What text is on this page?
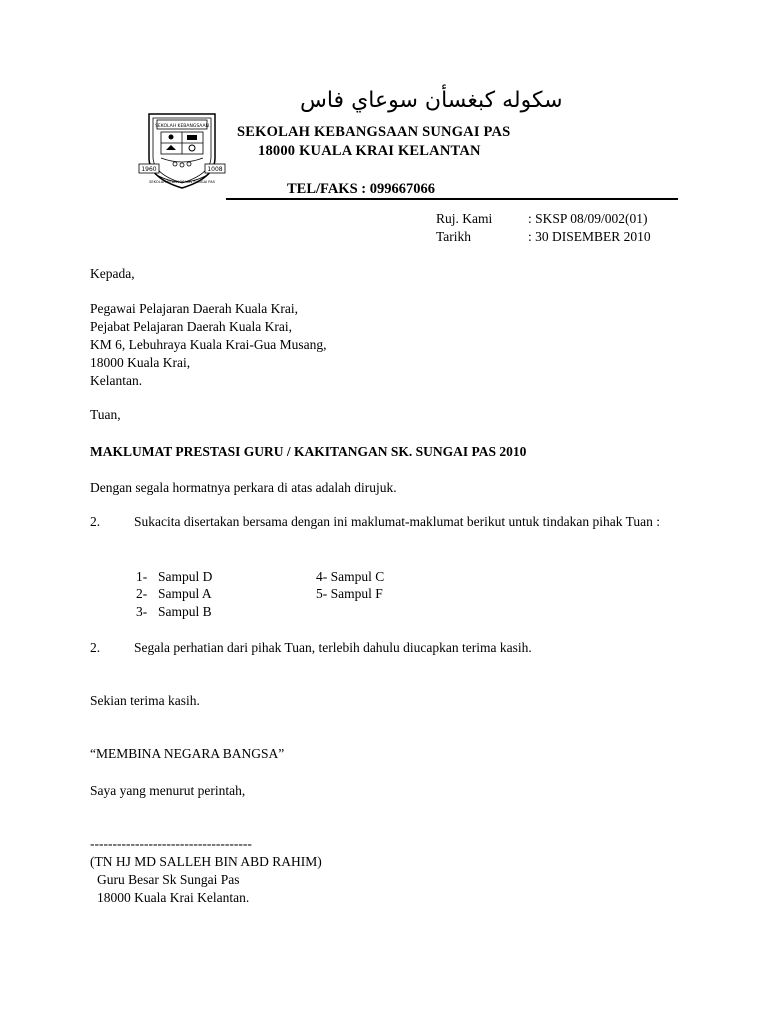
SEKOLAH KEBANGSAAN
1960	1008
SEKOLAH KEBANGSAAN SUNGAI PAS
سكوله كبغسأن سوعاي فاس
SEKOLAH KEBANGSAAN SUNGAI PAS
18000 KUALA KRAI KELANTAN
TEL/FAKS : 099667066
Ruj. Kami	: SKSP 08/09/002(01)
Tarikh	: 30 DISEMBER 2010
Kepada,
Pegawai Pelajaran Daerah Kuala Krai,
Pejabat Pelajaran Daerah Kuala Krai,
KM 6, Lebuhraya Kuala Krai-Gua Musang,
18000 Kuala Krai,
Kelantan.
Tuan,
MAKLUMAT PRESTASI GURU / KAKITANGAN SK. SUNGAI PAS 2010
Dengan segala hormatnya perkara di atas adalah dirujuk.
2.	Sukacita disertakan bersama dengan ini maklumat-maklumat berikut untuk tindakan pihak Tuan :
1- Sampul D
2- Sampul A
3- Sampul B
4- Sampul C
5- Sampul F
2.	Segala perhatian dari pihak Tuan, terlebih dahulu diucapkan terima kasih.
Sekian terima kasih.
“MEMBINA NEGARA BANGSA”
Saya yang menurut perintah,
------------------------------------
(TN HJ MD SALLEH BIN ABD RAHIM)
Guru Besar Sk Sungai Pas
18000 Kuala Krai Kelantan.
